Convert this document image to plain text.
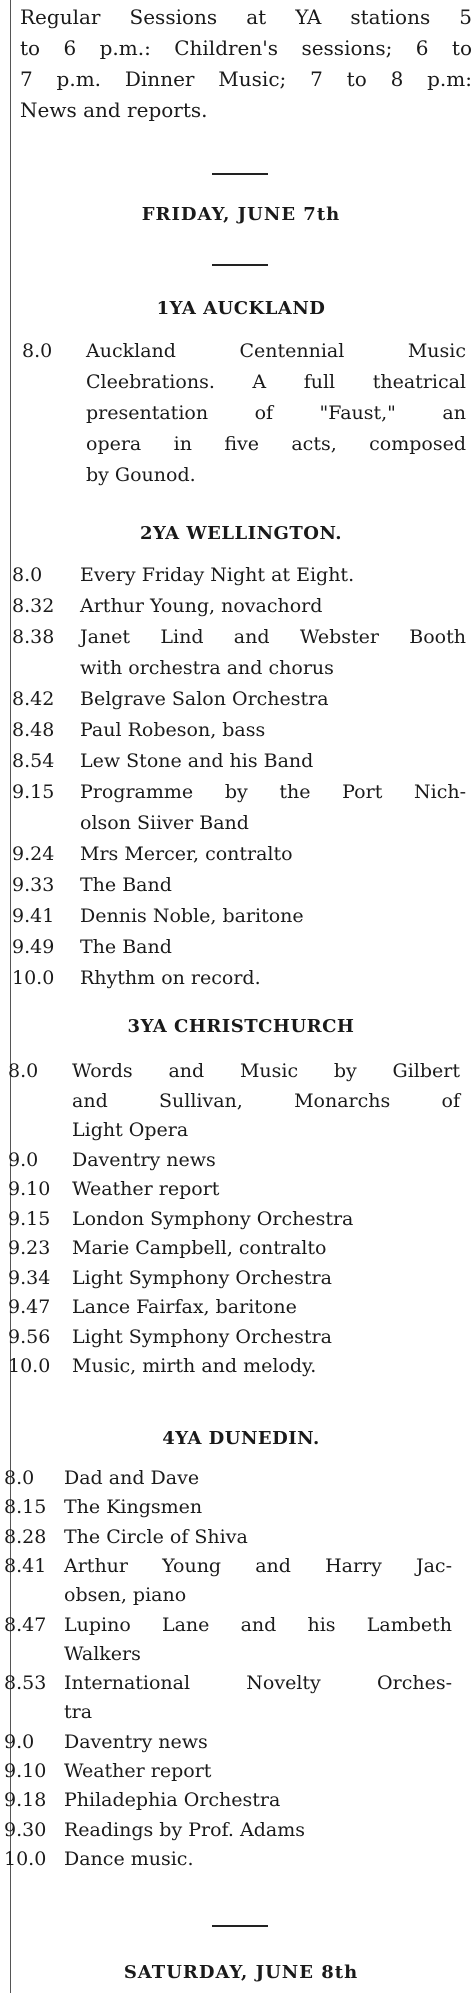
Regular Sessions at YA stations 5
to 6 p.m.: Children's sessions; 6 to
7 p.m. Dinner Music; 7 to 8 p.m:
News and reports.
FRIDAY, JUNE 7th
1YA AUCKLAND
8.0 Auckland Centennial Music
Cleebrations. A full theatrical
presentation of "Faust," an
opera in five acts, composed
by Gounod.
2YA WELLINGTON.
8.0 Every Friday Night at Eight.
8.32 Arthur Young, novachord
8.38 Janet Lind and Webster Booth
with orchestra and chorus
8.42 Belgrave Salon Orchestra
8.48 Paul Robeson, bass
8.54 Lew Stone and his Band
9.15 Programme by the Port Nich-
olson Siiver Band
9.24 Mrs Mercer, contralto
9.33 The Band
9.41 Dennis Noble, baritone
9.49 The Band
10.0 Rhythm on record.
3YA CHRISTCHURCH
8.0 Words and Music by Gilbert
and Sullivan, Monarchs of
Light Opera
9.0 Daventry news
9.10 Weather report
9.15 London Symphony Orchestra
9.23 Marie Campbell, contralto
9.34 Light Symphony Orchestra
9.47 Lance Fairfax, baritone
9.56 Light Symphony Orchestra
10.0 Music, mirth and melody.
4YA DUNEDIN.
8.0 Dad and Dave
8.15 The Kingsmen
8.28 The Circle of Shiva
8.41 Arthur Young and Harry Jac-
obsen, piano
8.47 Lupino Lane and his Lambeth
Walkers
8.53 International Novelty Orches-
tra
9.0 Daventry news
9.10 Weather report
9.18 Philadephia Orchestra
9.30 Readings by Prof. Adams
10.0 Dance music.
SATURDAY, JUNE 8th
